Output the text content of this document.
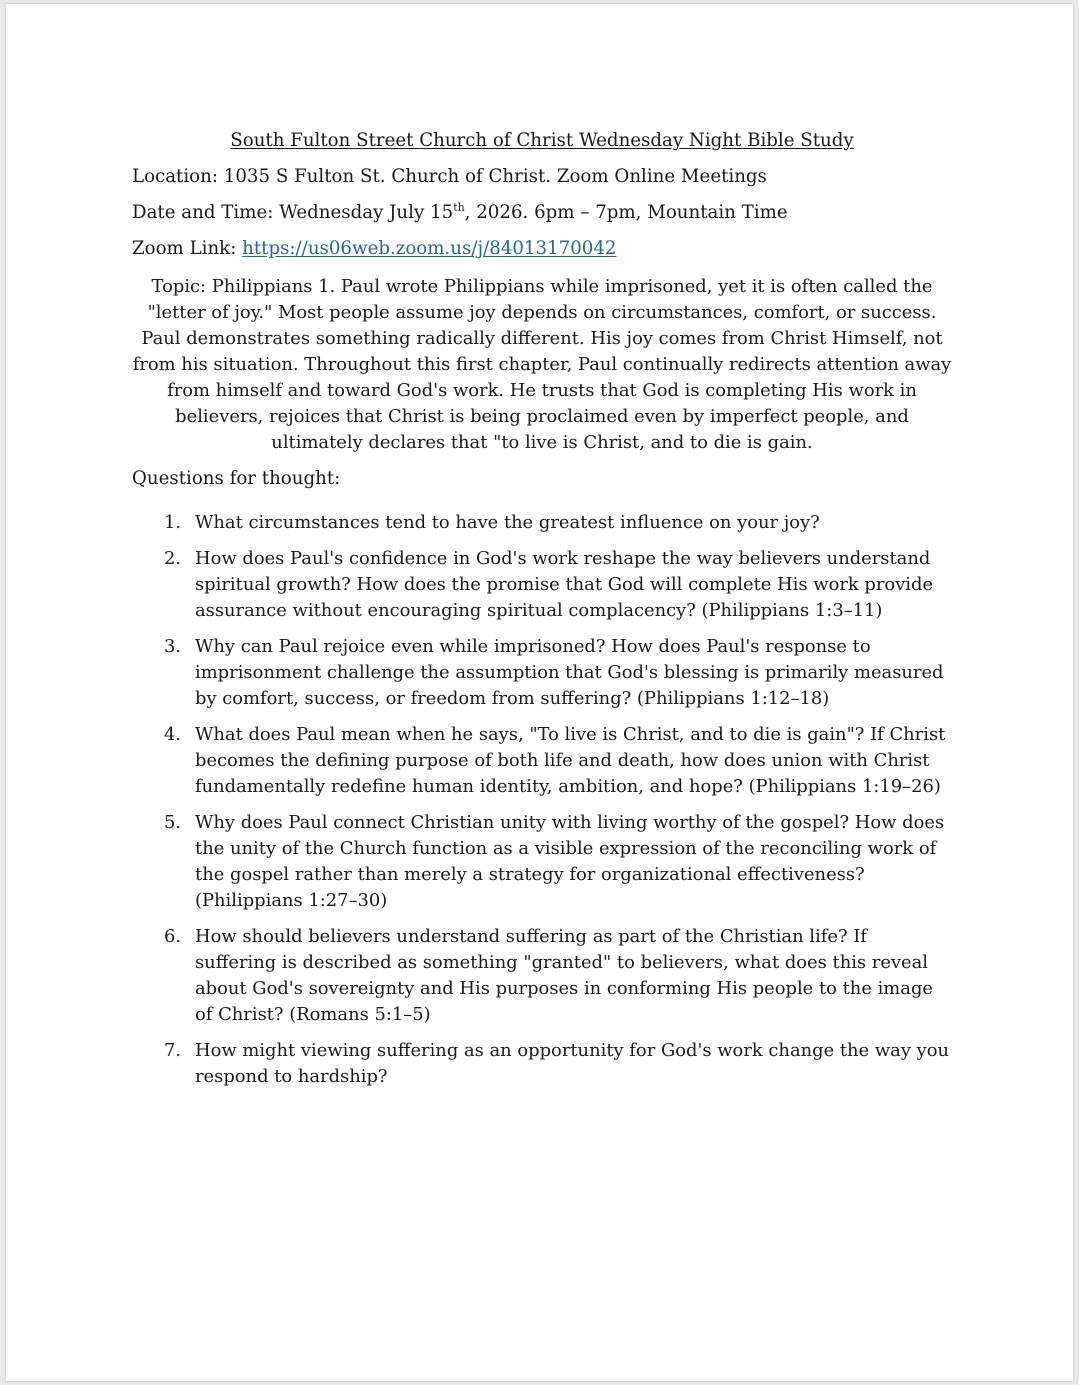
South Fulton Street Church of Christ Wednesday Night Bible Study
Location: 1035 S Fulton St. Church of Christ. Zoom Online Meetings
Date and Time: Wednesday July 15th, 2026. 6pm – 7pm, Mountain Time
Zoom Link: https://us06web.zoom.us/j/84013170042
Topic: Philippians 1. Paul wrote Philippians while imprisoned, yet it is often called the "letter of joy." Most people assume joy depends on circumstances, comfort, or success. Paul demonstrates something radically different. His joy comes from Christ Himself, not from his situation. Throughout this first chapter, Paul continually redirects attention away from himself and toward God's work. He trusts that God is completing His work in believers, rejoices that Christ is being proclaimed even by imperfect people, and ultimately declares that "to live is Christ, and to die is gain.
Questions for thought:
1. What circumstances tend to have the greatest influence on your joy?
2. How does Paul's confidence in God's work reshape the way believers understand spiritual growth? How does the promise that God will complete His work provide assurance without encouraging spiritual complacency? (Philippians 1:3–11)
3. Why can Paul rejoice even while imprisoned? How does Paul's response to imprisonment challenge the assumption that God's blessing is primarily measured by comfort, success, or freedom from suffering? (Philippians 1:12–18)
4. What does Paul mean when he says, "To live is Christ, and to die is gain"? If Christ becomes the defining purpose of both life and death, how does union with Christ fundamentally redefine human identity, ambition, and hope? (Philippians 1:19–26)
5. Why does Paul connect Christian unity with living worthy of the gospel? How does the unity of the Church function as a visible expression of the reconciling work of the gospel rather than merely a strategy for organizational effectiveness? (Philippians 1:27–30)
6. How should believers understand suffering as part of the Christian life? If suffering is described as something "granted" to believers, what does this reveal about God's sovereignty and His purposes in conforming His people to the image of Christ? (Romans 5:1–5)
7. How might viewing suffering as an opportunity for God's work change the way you respond to hardship?
